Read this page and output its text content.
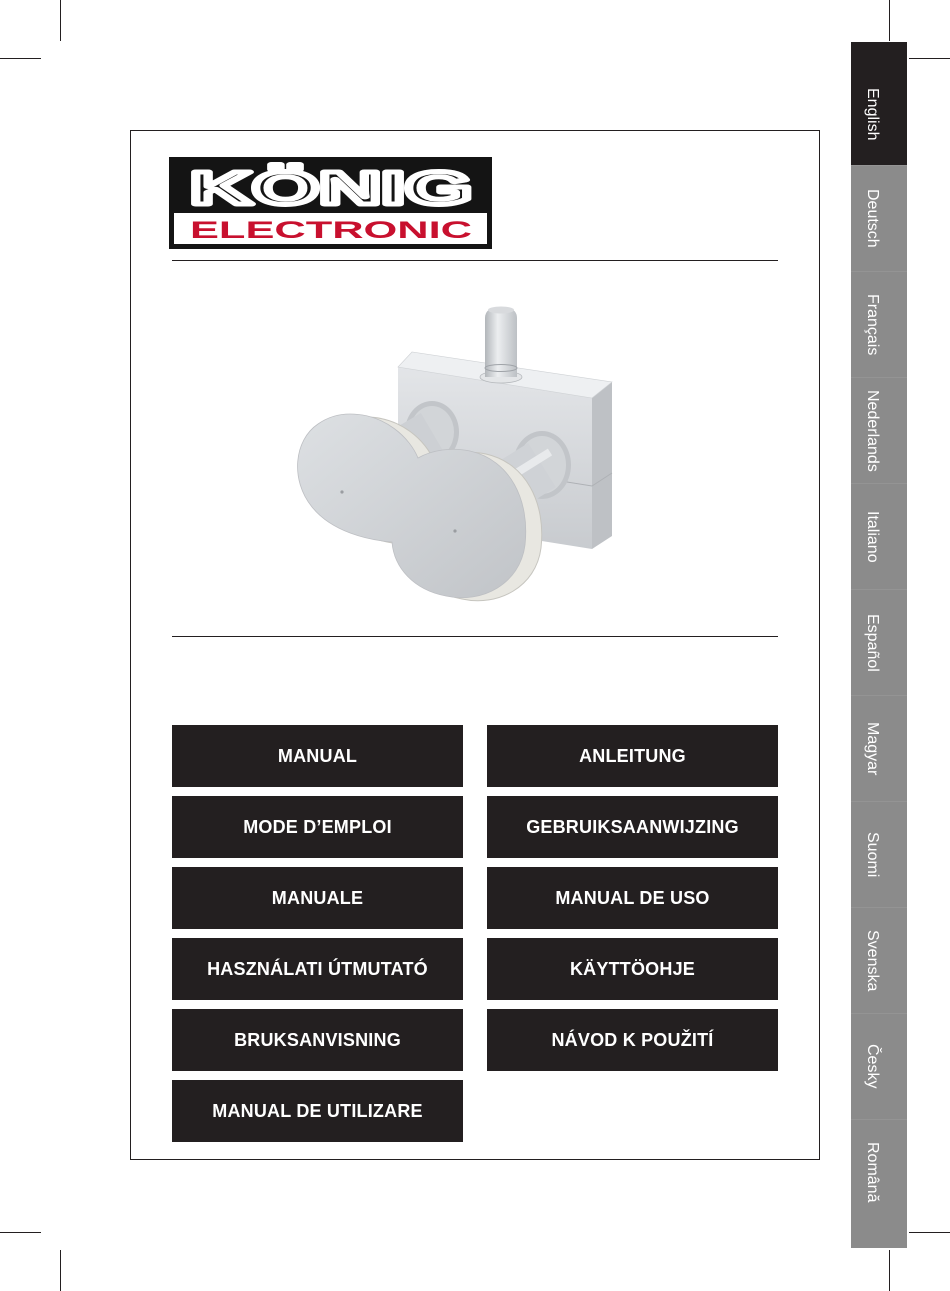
KÖNIG
ELECTRONIC
MANUAL	ANLEITUNG
MODE D’EMPLOI	GEBRUIKSAANWIJZING
MANUALE	MANUAL DE USO
HASZNÁLATI ÚTMUTATÓ	KÄYTTÖOHJE
BRUKSANVISNING	NÁVOD K POUŽITÍ
MANUAL DE UTILIZARE
English
Deutsch
Français
Nederlands
Italiano
Español
Magyar
Suomi
Svenska
Česky
Română
